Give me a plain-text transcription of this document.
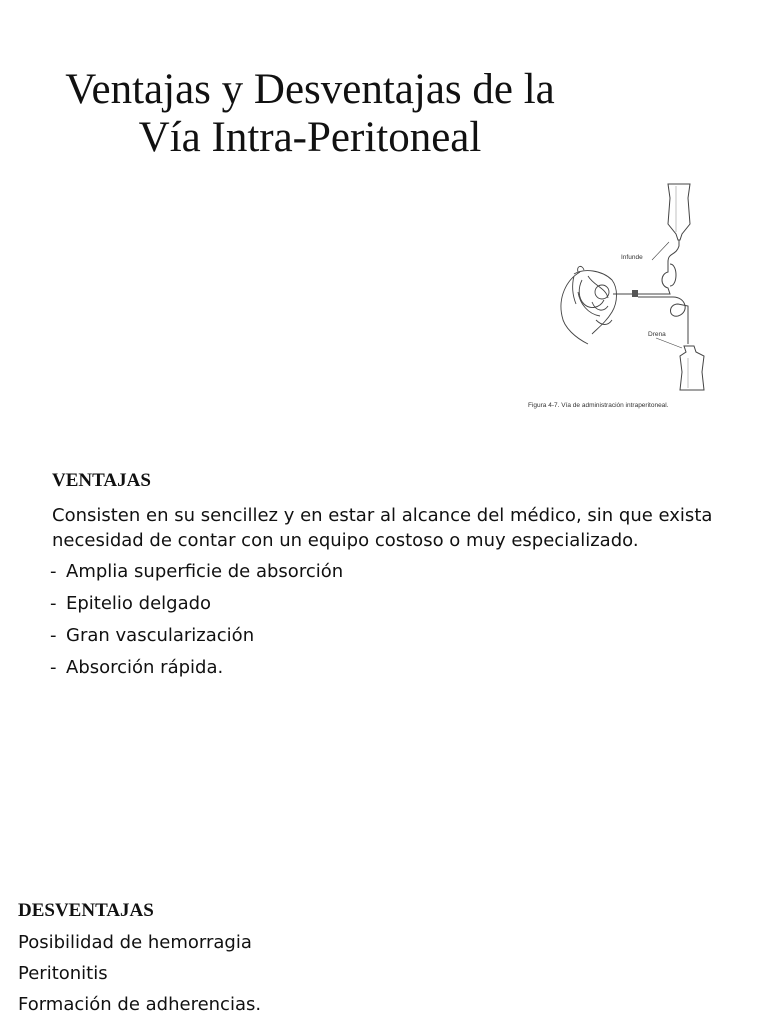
Ventajas y Desventajas de la
Vía Intra-Peritoneal
Infunde
Drena
Figura 4-7. Vía de administración intraperitoneal.
VENTAJAS
Consisten en su sencillez y en estar al alcance del médico, sin que exista
necesidad de contar con un equipo costoso o muy especializado.
- Amplia superficie de absorción
- Epitelio delgado
- Gran vascularización
- Absorción rápida.
DESVENTAJAS
Posibilidad de hemorragia
Peritonitis
Formación de adherencias.
